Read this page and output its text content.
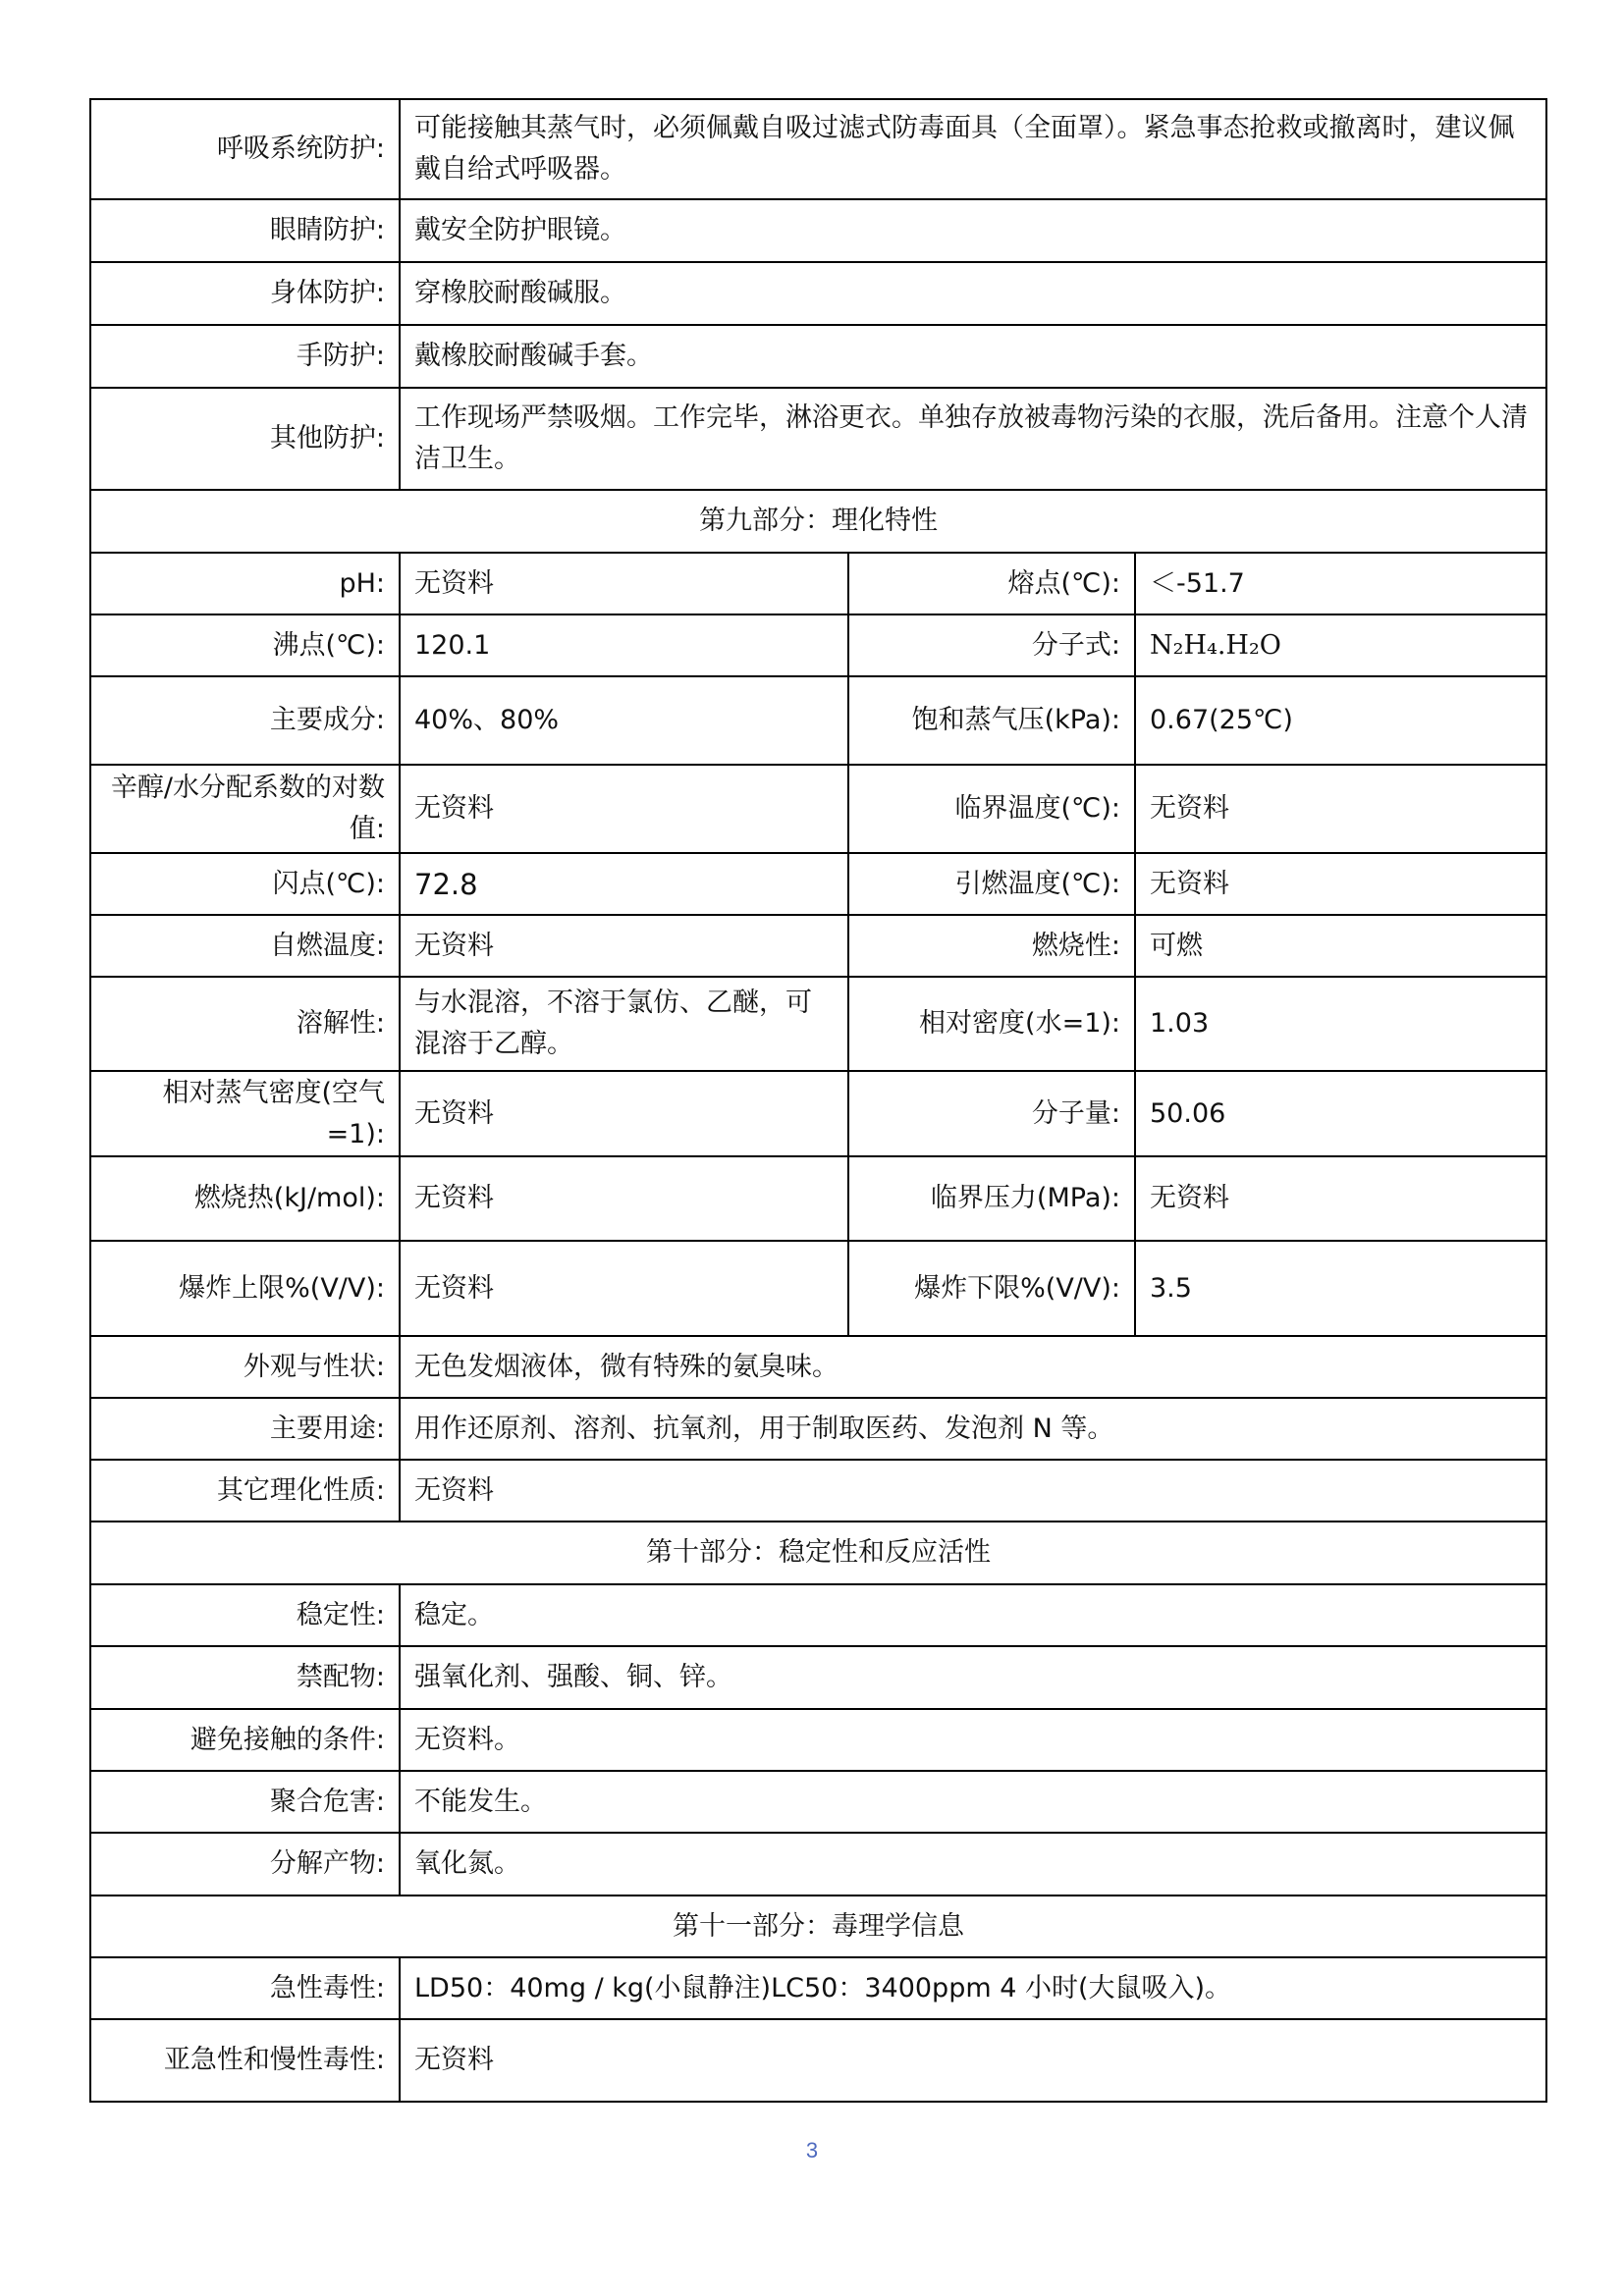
呼吸系统防护:	可能接触其蒸气时，必须佩戴自吸过滤式防毒面具（全面罩）。紧急事态抢救或撤离时，建议佩戴自给式呼吸器。		
眼睛防护:	戴安全防护眼镜。		
身体防护:	穿橡胶耐酸碱服。		
手防护:	戴橡胶耐酸碱手套。		
其他防护:	工作现场严禁吸烟。工作完毕，淋浴更衣。单独存放被毒物污染的衣服，洗后备用。注意个人清洁卫生。		
第九部分：理化特性			
pH:	无资料	熔点(℃):	＜-51.7
沸点(℃):	120.1	分子式:	N₂H₄.H₂O
主要成分:	40%、80%	饱和蒸气压(kPa):	0.67(25℃)
辛醇/水分配系数的对数值:	无资料	临界温度(℃):	无资料
闪点(℃):	72.8	引燃温度(℃):	无资料
自燃温度:	无资料	燃烧性:	可燃
溶解性:	与水混溶，不溶于氯仿、乙醚，可混溶于乙醇。	相对密度(水=1):	1.03
相对蒸气密度(空气=1):	无资料	分子量:	50.06
燃烧热(kJ/mol):	无资料	临界压力(MPa):	无资料
爆炸上限%(V/V):	无资料	爆炸下限%(V/V):	3.5
外观与性状:	无色发烟液体，微有特殊的氨臭味。		
主要用途:	用作还原剂、溶剂、抗氧剂，用于制取医药、发泡剂 N 等。		
其它理化性质:	无资料		
第十部分：稳定性和反应活性			
稳定性:	稳定。		
禁配物:	强氧化剂、强酸、铜、锌。		
避免接触的条件:	无资料。		
聚合危害:	不能发生。		
分解产物:	氧化氮。		
第十一部分：毒理学信息			
急性毒性:	LD50：40mg / kg(小鼠静注)LC50：3400ppm 4 小时(大鼠吸入)。		
亚急性和慢性毒性:	无资料		
3
